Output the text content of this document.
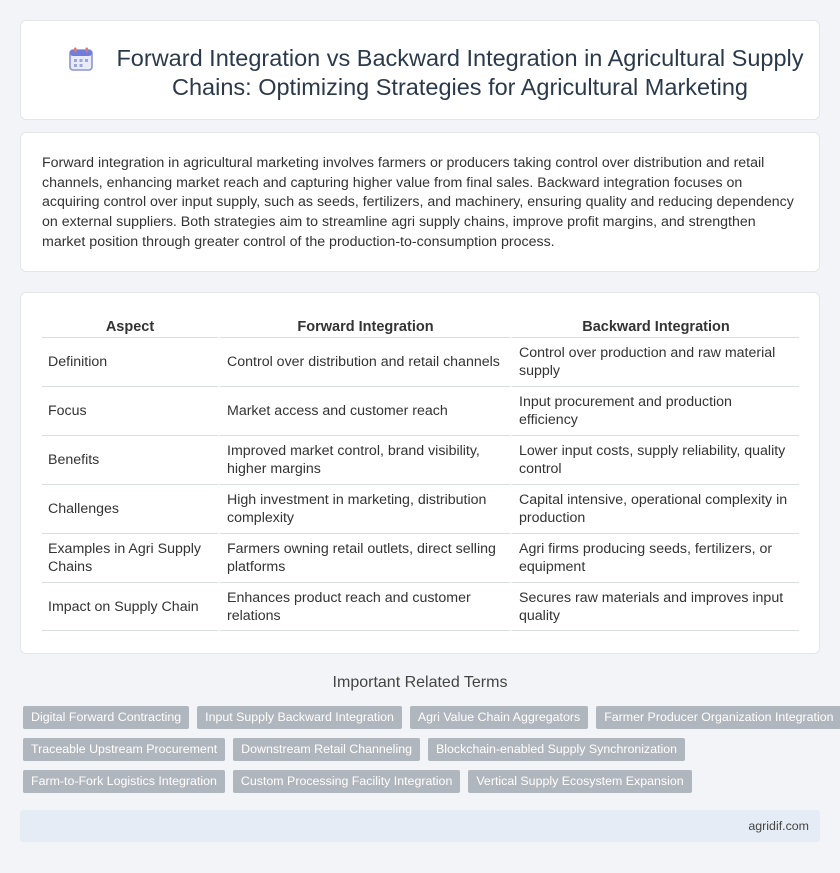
Forward Integration vs Backward Integration in Agricultural Supply Chains: Optimizing Strategies for Agricultural Marketing

Forward integration in agricultural marketing involves farmers or producers taking control over distribution and retail channels, enhancing market reach and capturing higher value from final sales. Backward integration focuses on acquiring control over input supply, such as seeds, fertilizers, and machinery, ensuring quality and reducing dependency on external suppliers. Both strategies aim to streamline agri supply chains, improve profit margins, and strengthen market position through greater control of the production-to-consumption process.

Aspect	Forward Integration	Backward Integration
Definition	Control over distribution and retail channels	Control over production and raw material supply
Focus	Market access and customer reach	Input procurement and production efficiency
Benefits	Improved market control, brand visibility, higher margins	Lower input costs, supply reliability, quality control
Challenges	High investment in marketing, distribution complexity	Capital intensive, operational complexity in production
Examples in Agri Supply Chains	Farmers owning retail outlets, direct selling platforms	Agri firms producing seeds, fertilizers, or equipment
Impact on Supply Chain	Enhances product reach and customer relations	Secures raw materials and improves input quality
Important Related Terms
Digital Forward Contracting	Input Supply Backward Integration	Agri Value Chain Aggregators	Farmer Producer Organization Integration
Traceable Upstream Procurement	Downstream Retail Channeling	Blockchain-enabled Supply Synchronization
Farm-to-Fork Logistics Integration	Custom Processing Facility Integration	Vertical Supply Ecosystem Expansion
agridif.com
